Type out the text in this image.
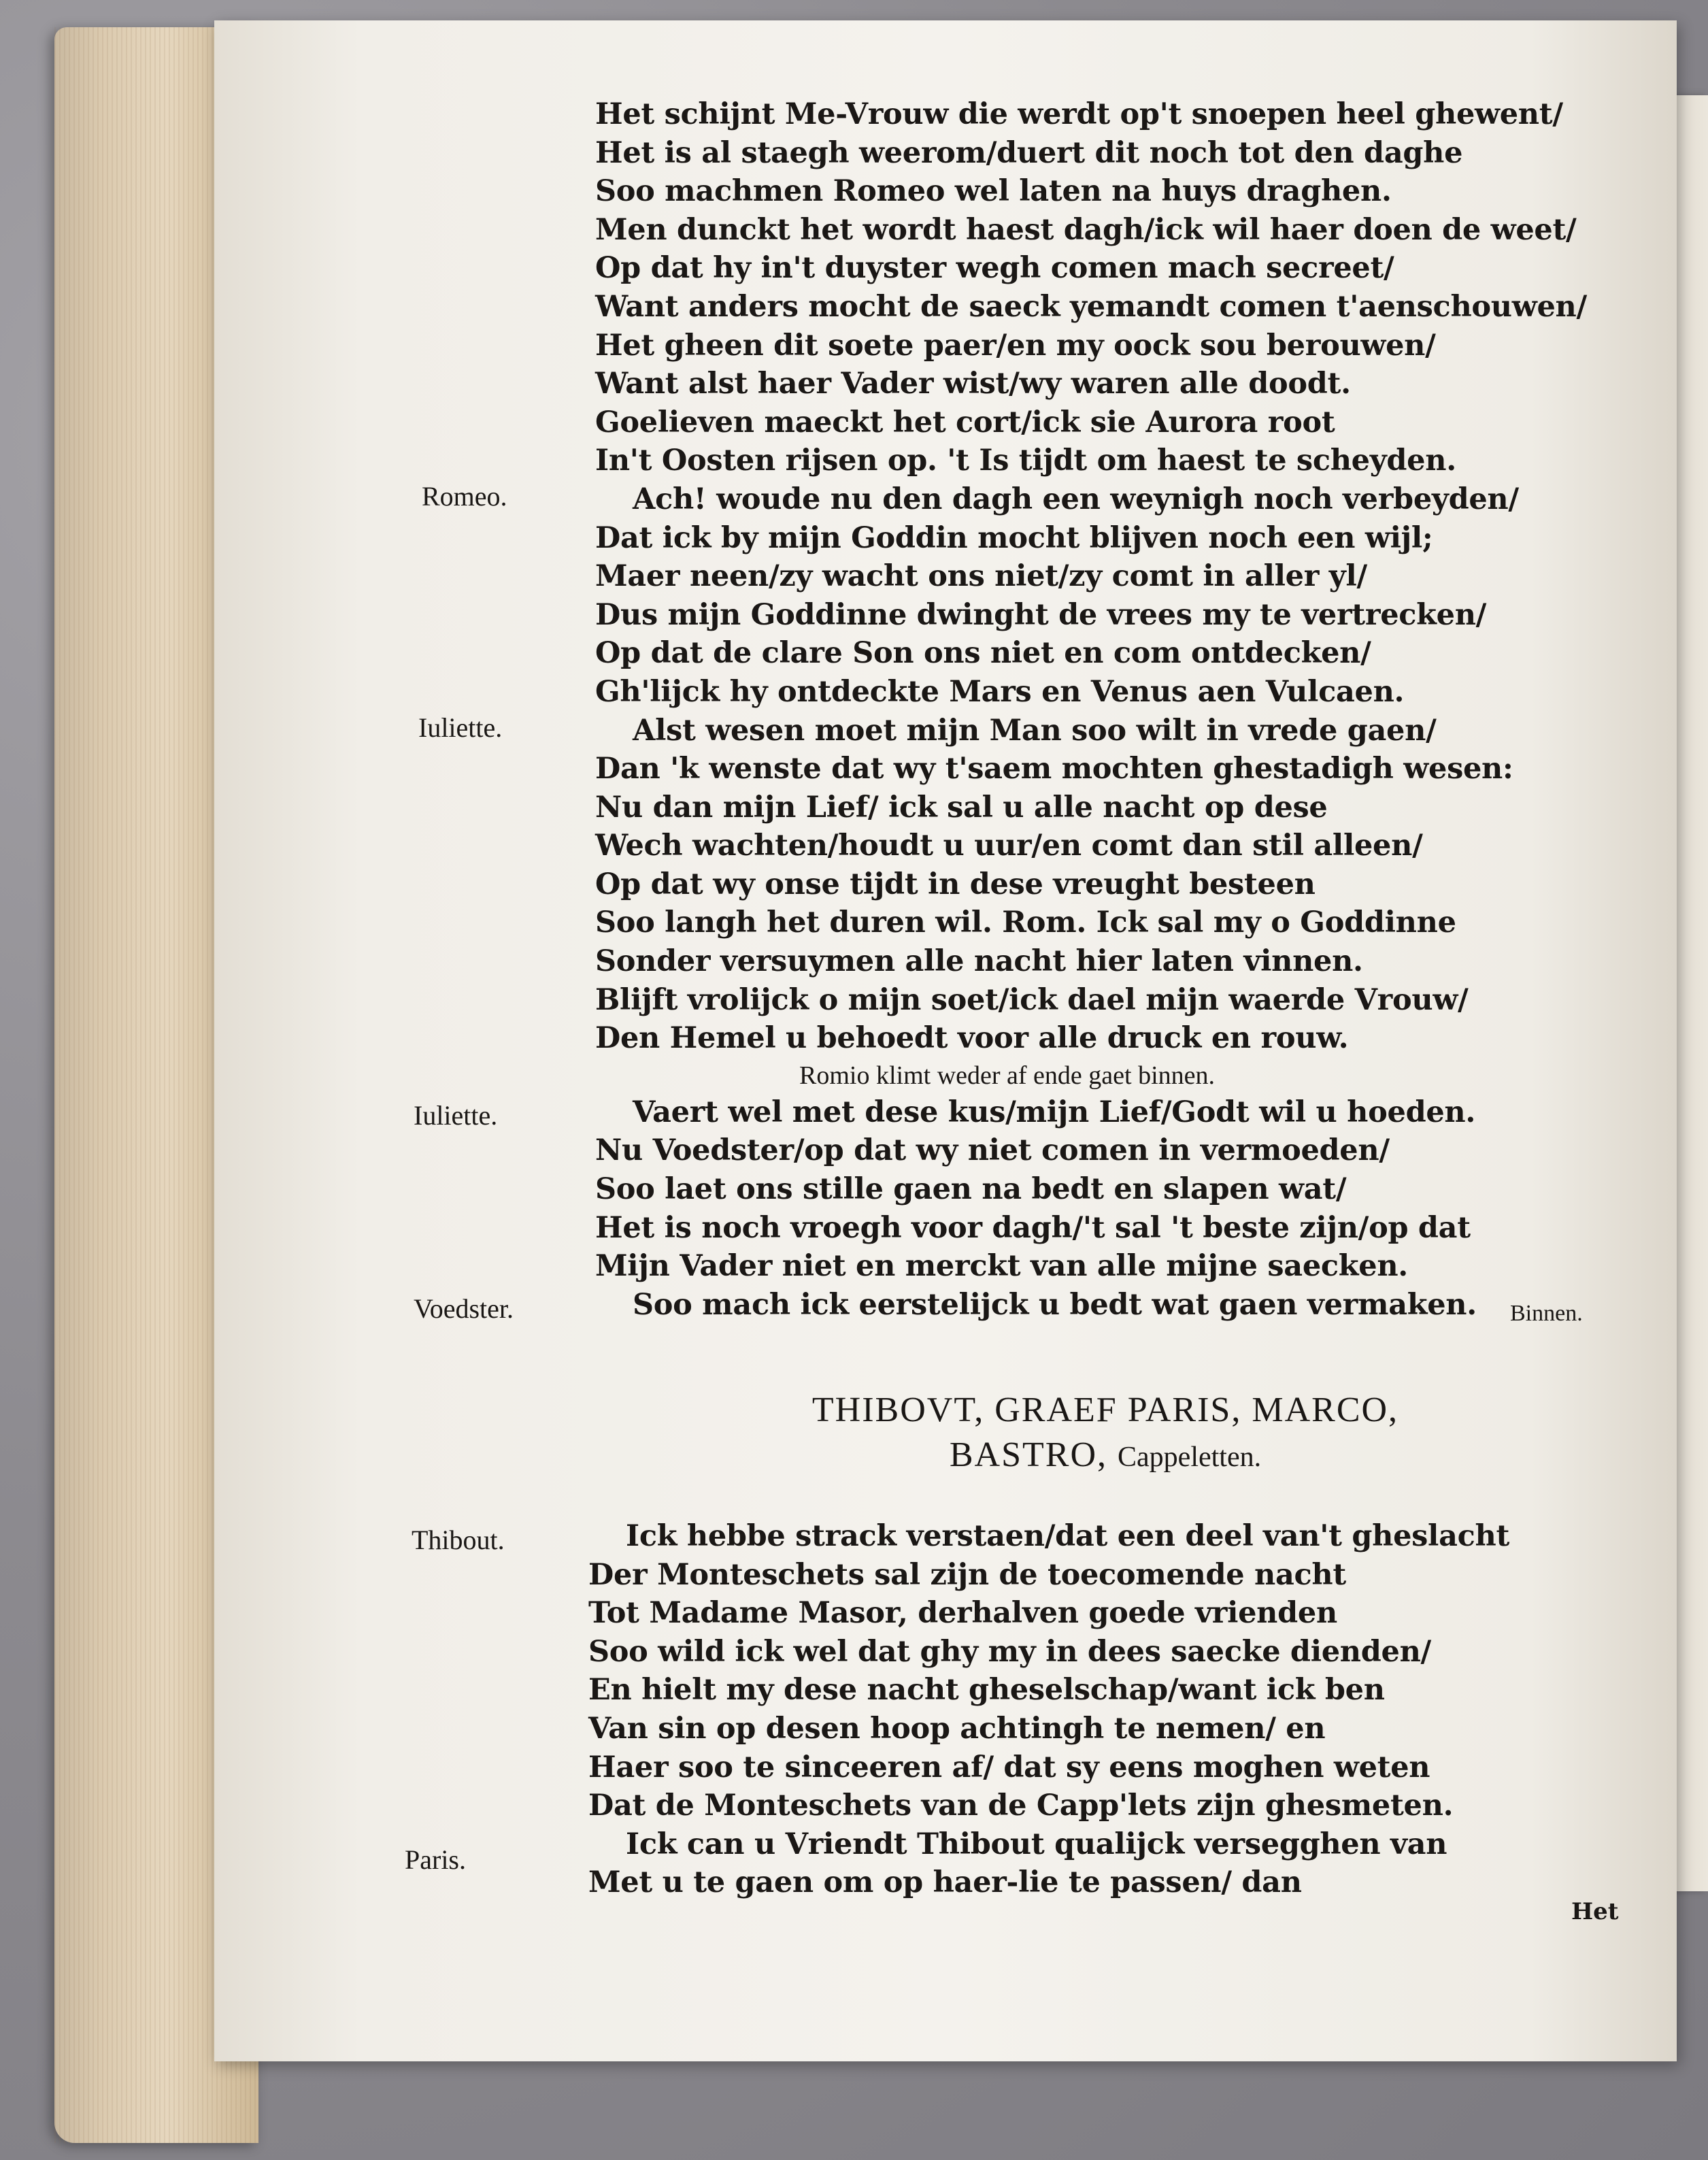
Romeo.
Iuliette.
Iuliette.
Voedster.
Thibout.
Paris.
Het schijnt Me-Vrouw die werdt op't snoepen heel ghewent/
Het is al staegh weerom/duert dit noch tot den daghe
Soo machmen Romeo wel laten na huys draghen.
Men dunckt het wordt haest dagh/ick wil haer doen de weet/
Op dat hy in't duyster wegh comen mach secreet/
Want anders mocht de saeck yemandt comen t'aenschouwen/
Het gheen dit soete paer/en my oock sou berouwen/
Want alst haer Vader wist/wy waren alle doodt.
Goelieven maeckt het cort/ick sie Aurora root
In't Oosten rijsen op. 't Is tijdt om haest te scheyden.
Ach! woude nu den dagh een weynigh noch verbeyden/
Dat ick by mijn Goddin mocht blijven noch een wijl;
Maer neen/zy wacht ons niet/zy comt in aller yl/
Dus mijn Goddinne dwinght de vrees my te vertrecken/
Op dat de clare Son ons niet en com ontdecken/
Gh'lijck hy ontdeckte Mars en Venus aen Vulcaen.
Alst wesen moet mijn Man soo wilt in vrede gaen/
Dan 'k wenste dat wy t'saem mochten ghestadigh wesen:
Nu dan mijn Lief/ ick sal u alle nacht op dese
Wech wachten/houdt u uur/en comt dan stil alleen/
Op dat wy onse tijdt in dese vreught besteen
Soo langh het duren wil. Rom. Ick sal my o Goddinne
Sonder versuymen alle nacht hier laten vinnen.
Blijft vrolijck o mijn soet/ick dael mijn waerde Vrouw/
Den Hemel u behoedt voor alle druck en rouw.
Romio klimt weder af ende gaet binnen.
Vaert wel met dese kus/mijn Lief/Godt wil u hoeden.
Nu Voedster/op dat wy niet comen in vermoeden/
Soo laet ons stille gaen na bedt en slapen wat/
Het is noch vroegh voor dagh/'t sal 't beste zijn/op dat
Mijn Vader niet en merckt van alle mijne saecken.
Soo mach ick eerstelijck u bedt wat gaen vermaken.	Binnen.
THIBOVT, GRAEF PARIS, MARCO,
BASTRO, Cappeletten.
Ick hebbe strack verstaen/dat een deel van't gheslacht
Der Monteschets sal zijn de toecomende nacht
Tot Madame Masor, derhalven goede vrienden
Soo wild ick wel dat ghy my in dees saecke dienden/
En hielt my dese nacht gheselschap/want ick ben
Van sin op desen hoop achtingh te nemen/ en
Haer soo te sinceeren af/ dat sy eens moghen weten
Dat de Monteschets van de Capp'lets zijn ghesmeten.
Ick can u Vriendt Thibout qualijck versegghen van
Met u te gaen om op haer-lie te passen/ dan
Het
